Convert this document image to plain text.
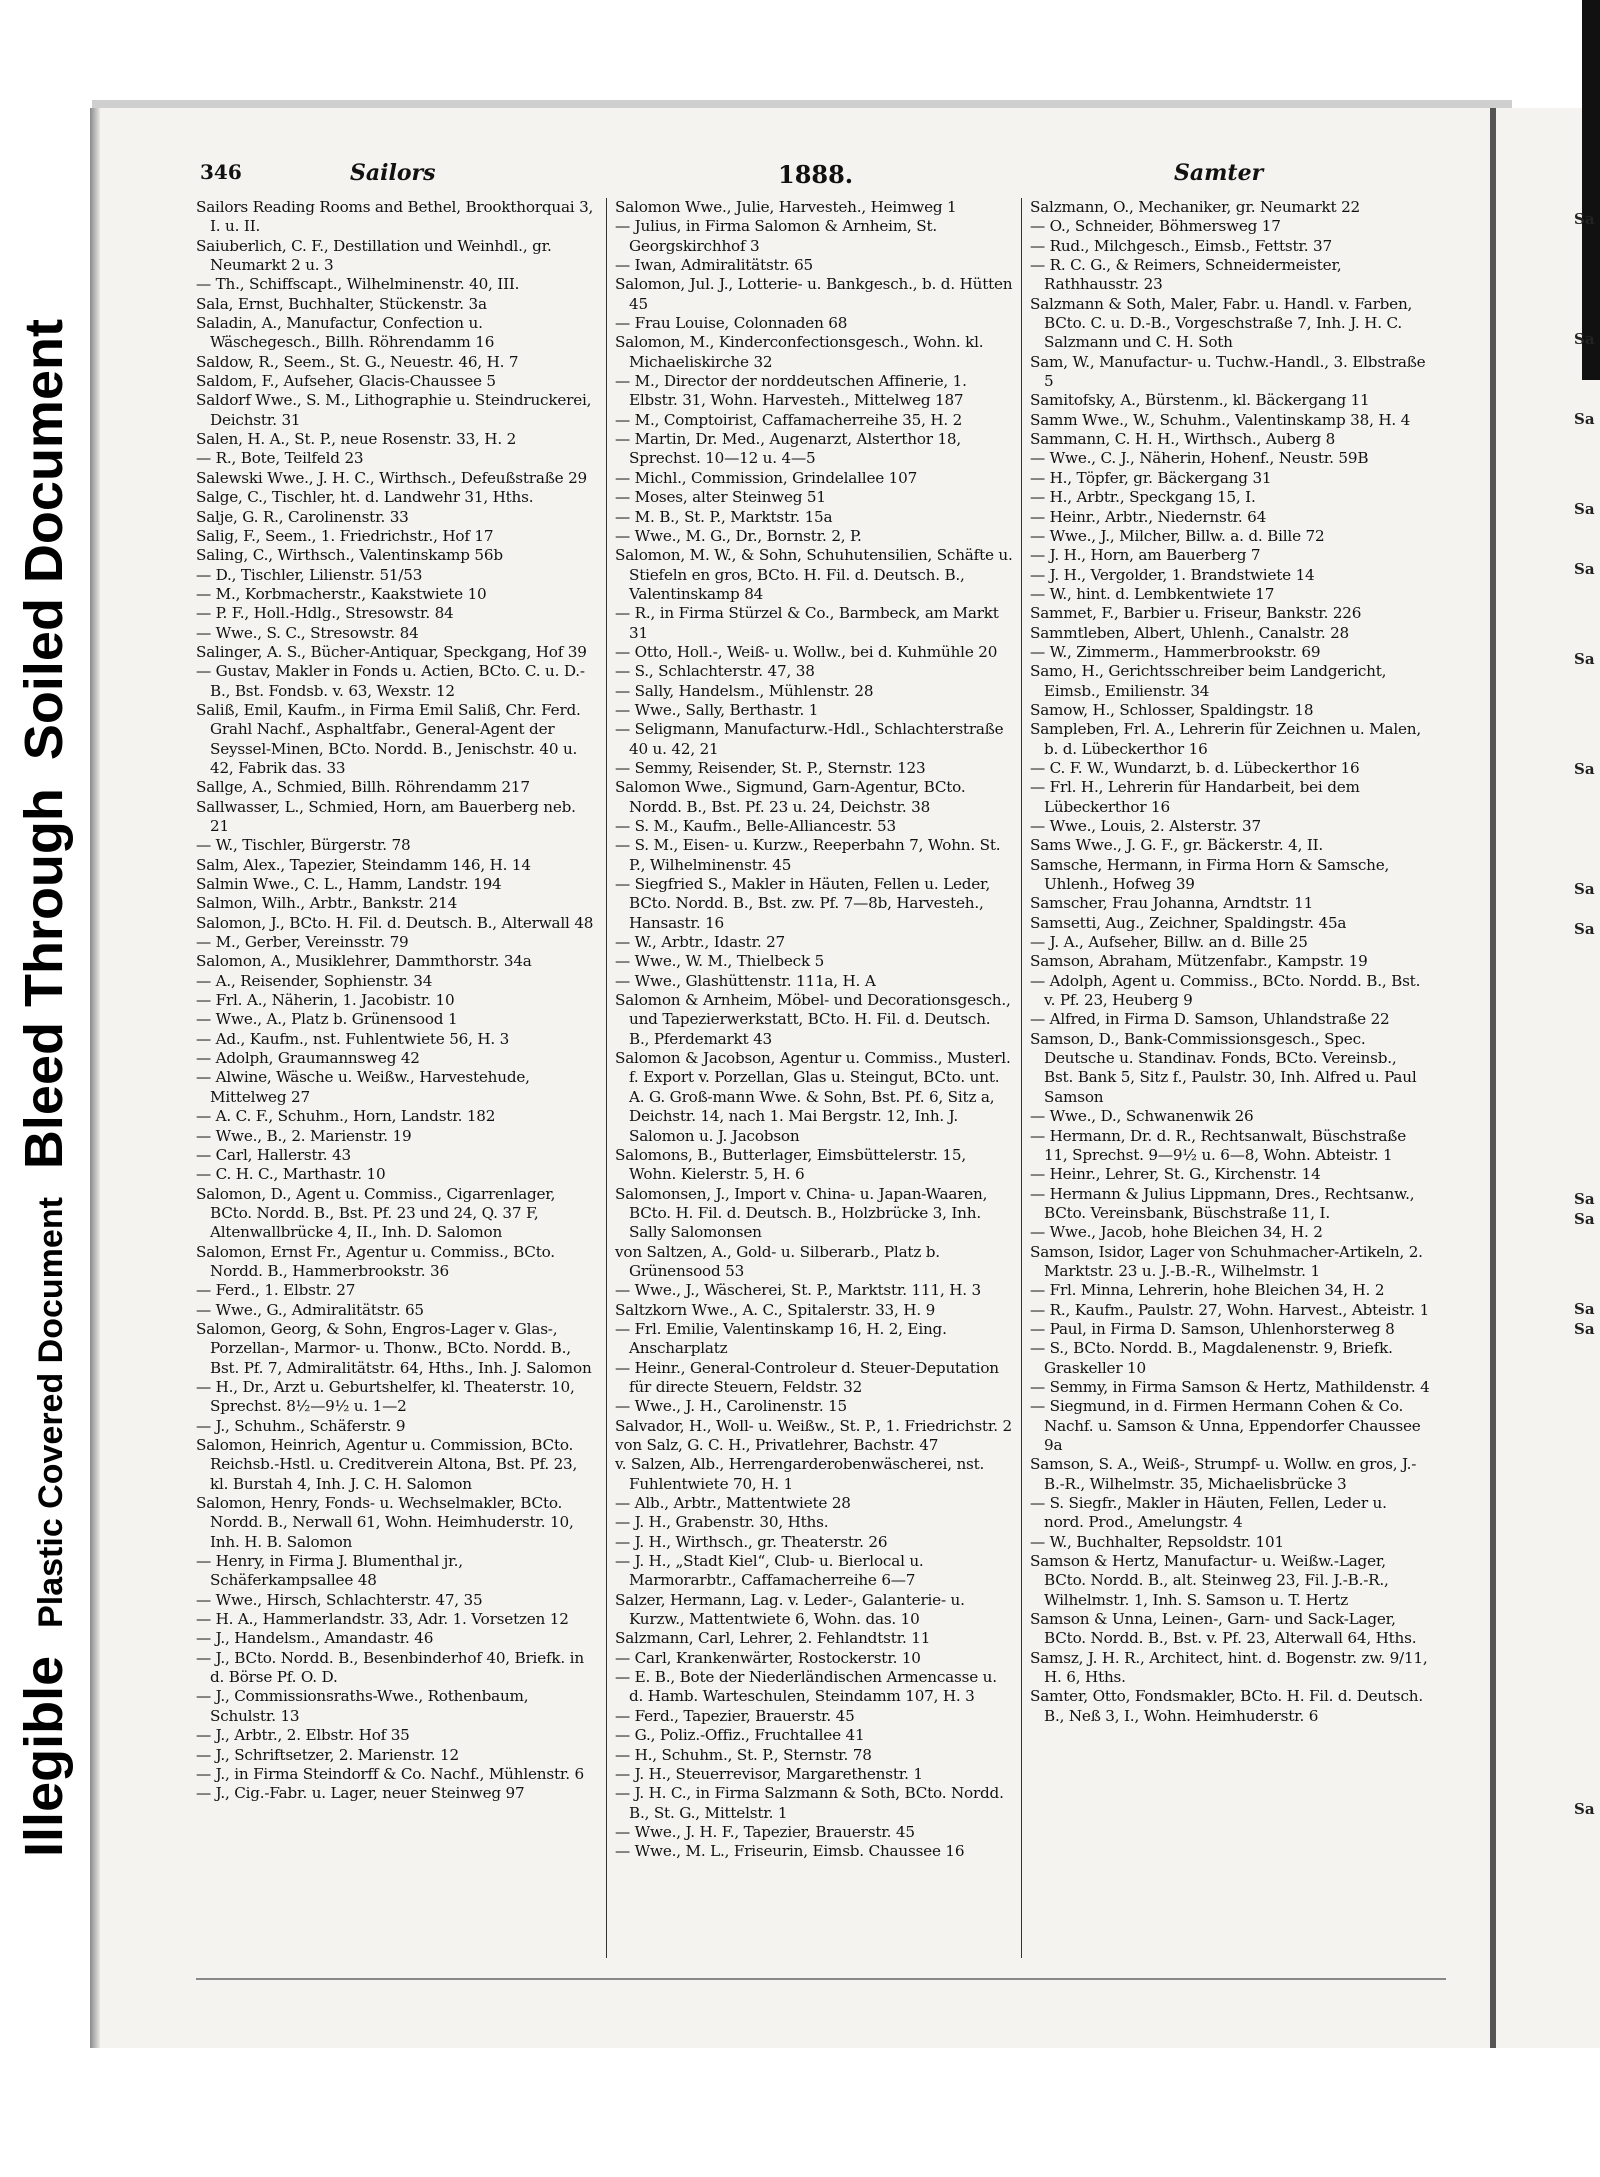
Illegible
Plastic Covered Document
Bleed Through
Soiled Document
Sa
Sa
Sa
Sa
Sa
Sa
Sa
Sa
Sa
Sa
Sa
Sa
Sa
Sa
346	Sailors	1888.	Samter

Sailors Reading Rooms and Bethel, Brookthorquai 3, I. u. II.

Saiuberlich, C. F., Destillation und Weinhdl., gr. Neumarkt 2 u. 3

— Th., Schiffscapt., Wilhelminenstr. 40, III.

Sala, Ernst, Buchhalter, Stückenstr. 3a

Saladin, A., Manufactur, Confection u. Wäschegesch., Billh. Röhrendamm 16

Saldow, R., Seem., St. G., Neuestr. 46, H. 7

Saldom, F., Aufseher, Glacis-Chaussee 5

Saldorf Wwe., S. M., Lithographie u. Steindruckerei, Deichstr. 31

Salen, H. A., St. P., neue Rosenstr. 33, H. 2

— R., Bote, Teilfeld 23

Salewski Wwe., J. H. C., Wirthsch., Defeußstraße 29

Salge, C., Tischler, ht. d. Landwehr 31, Hths.

Salje, G. R., Carolinenstr. 33

Salig, F., Seem., 1. Friedrichstr., Hof 17

Saling, C., Wirthsch., Valentinskamp 56b

— D., Tischler, Lilienstr. 51/53

— M., Korbmacherstr., Kaakstwiete 10

— P. F., Holl.-Hdlg., Stresowstr. 84

— Wwe., S. C., Stresowstr. 84

Salinger, A. S., Bücher-Antiquar, Speckgang, Hof 39

— Gustav, Makler in Fonds u. Actien, BCto. C. u. D.-B., Bst. Fondsb. v. 63, Wexstr. 12

Saliß, Emil, Kaufm., in Firma Emil Saliß, Chr. Ferd. Grahl Nachf., Asphaltfabr., General-Agent der Seyssel-Minen, BCto. Nordd. B., Jenischstr. 40 u. 42, Fabrik das. 33

Sallge, A., Schmied, Billh. Röhrendamm 217

Sallwasser, L., Schmied, Horn, am Bauerberg neb. 21

— W., Tischler, Bürgerstr. 78

Salm, Alex., Tapezier, Steindamm 146, H. 14

Salmin Wwe., C. L., Hamm, Landstr. 194

Salmon, Wilh., Arbtr., Bankstr. 214

Salomon, J., BCto. H. Fil. d. Deutsch. B., Alterwall 48

— M., Gerber, Vereinsstr. 79

Salomon, A., Musiklehrer, Dammthorstr. 34a

— A., Reisender, Sophienstr. 34

— Frl. A., Näherin, 1. Jacobistr. 10

— Wwe., A., Platz b. Grünensood 1

— Ad., Kaufm., nst. Fuhlentwiete 56, H. 3

— Adolph, Graumannsweg 42

— Alwine, Wäsche u. Weißw., Harvestehude, Mittelweg 27

— A. C. F., Schuhm., Horn, Landstr. 182

— Wwe., B., 2. Marienstr. 19

— Carl, Hallerstr. 43

— C. H. C., Marthastr. 10

Salomon, D., Agent u. Commiss., Cigarrenlager, BCto. Nordd. B., Bst. Pf. 23 und 24, Q. 37 F, Altenwallbrücke 4, II., Inh. D. Salomon

Salomon, Ernst Fr., Agentur u. Commiss., BCto. Nordd. B., Hammerbrookstr. 36

— Ferd., 1. Elbstr. 27

— Wwe., G., Admiralitätstr. 65

Salomon, Georg, & Sohn, Engros-Lager v. Glas-, Porzellan-, Marmor- u. Thonw., BCto. Nordd. B., Bst. Pf. 7, Admiralitätstr. 64, Hths., Inh. J. Salomon

— H., Dr., Arzt u. Geburtshelfer, kl. Theaterstr. 10, Sprechst. 8½—9½ u. 1—2

— J., Schuhm., Schäferstr. 9

Salomon, Heinrich, Agentur u. Commission, BCto. Reichsb.-Hstl. u. Creditverein Altona, Bst. Pf. 23, kl. Burstah 4, Inh. J. C. H. Salomon

Salomon, Henry, Fonds- u. Wechselmakler, BCto. Nordd. B., Nerwall 61, Wohn. Heimhuderstr. 10, Inh. H. B. Salomon

— Henry, in Firma J. Blumenthal jr., Schäferkampsallee 48

— Wwe., Hirsch, Schlachterstr. 47, 35

— H. A., Hammerlandstr. 33, Adr. 1. Vorsetzen 12

— J., Handelsm., Amandastr. 46

— J., BCto. Nordd. B., Besenbinderhof 40, Briefk. in d. Börse Pf. O. D.

— J., Commissionsraths-Wwe., Rothenbaum, Schulstr. 13

— J., Arbtr., 2. Elbstr. Hof 35

— J., Schriftsetzer, 2. Marienstr. 12

— J., in Firma Steindorff & Co. Nachf., Mühlenstr. 6

— J., Cig.-Fabr. u. Lager, neuer Steinweg 97

Salomon Wwe., Julie, Harvesteh., Heimweg 1

— Julius, in Firma Salomon & Arnheim, St. Georgskirchhof 3

— Iwan, Admiralitätstr. 65

Salomon, Jul. J., Lotterie- u. Bankgesch., b. d. Hütten 45

— Frau Louise, Colonnaden 68

Salomon, M., Kinderconfectionsgesch., Wohn. kl. Michaeliskirche 32

— M., Director der norddeutschen Affinerie, 1. Elbstr. 31, Wohn. Harvesteh., Mittelweg 187

— M., Comptoirist, Caffamacherreihe 35, H. 2

— Martin, Dr. Med., Augenarzt, Alsterthor 18, Sprechst. 10—12 u. 4—5

— Michl., Commission, Grindelallee 107

— Moses, alter Steinweg 51

— M. B., St. P., Marktstr. 15a

— Wwe., M. G., Dr., Bornstr. 2, P.

Salomon, M. W., & Sohn, Schuhutensilien, Schäfte u. Stiefeln en gros, BCto. H. Fil. d. Deutsch. B., Valentinskamp 84

— R., in Firma Stürzel & Co., Barmbeck, am Markt 31

— Otto, Holl.-, Weiß- u. Wollw., bei d. Kuhmühle 20

— S., Schlachterstr. 47, 38

— Sally, Handelsm., Mühlenstr. 28

— Wwe., Sally, Berthastr. 1

— Seligmann, Manufacturw.-Hdl., Schlachterstraße 40 u. 42, 21

— Semmy, Reisender, St. P., Sternstr. 123

Salomon Wwe., Sigmund, Garn-Agentur, BCto. Nordd. B., Bst. Pf. 23 u. 24, Deichstr. 38

— S. M., Kaufm., Belle-Alliancestr. 53

— S. M., Eisen- u. Kurzw., Reeperbahn 7, Wohn. St. P., Wilhelminenstr. 45

— Siegfried S., Makler in Häuten, Fellen u. Leder, BCto. Nordd. B., Bst. zw. Pf. 7—8b, Harvesteh., Hansastr. 16

— W., Arbtr., Idastr. 27

— Wwe., W. M., Thielbeck 5

— Wwe., Glashüttenstr. 111a, H. A

Salomon & Arnheim, Möbel- und Decorationsgesch., und Tapezierwerkstatt, BCto. H. Fil. d. Deutsch. B., Pferdemarkt 43

Salomon & Jacobson, Agentur u. Commiss., Musterl. f. Export v. Porzellan, Glas u. Steingut, BCto. unt. A. G. Groß-mann Wwe. & Sohn, Bst. Pf. 6, Sitz a, Deichstr. 14, nach 1. Mai Bergstr. 12, Inh. J. Salomon u. J. Jacobson

Salomons, B., Butterlager, Eimsbüttelerstr. 15, Wohn. Kielerstr. 5, H. 6

Salomonsen, J., Import v. China- u. Japan-Waaren, BCto. H. Fil. d. Deutsch. B., Holzbrücke 3, Inh. Sally Salomonsen

von Saltzen, A., Gold- u. Silberarb., Platz b. Grünensood 53

— Wwe., J., Wäscherei, St. P., Marktstr. 111, H. 3

Saltzkorn Wwe., A. C., Spitalerstr. 33, H. 9

— Frl. Emilie, Valentinskamp 16, H. 2, Eing. Anscharplatz

— Heinr., General-Controleur d. Steuer-Deputation für directe Steuern, Feldstr. 32

— Wwe., J. H., Carolinenstr. 15

Salvador, H., Woll- u. Weißw., St. P., 1. Friedrichstr. 2

von Salz, G. C. H., Privatlehrer, Bachstr. 47

v. Salzen, Alb., Herrengarderobenwäscherei, nst. Fuhlentwiete 70, H. 1

— Alb., Arbtr., Mattentwiete 28

— J. H., Grabenstr. 30, Hths.

— J. H., Wirthsch., gr. Theaterstr. 26

— J. H., „Stadt Kiel“, Club- u. Bierlocal u. Marmorarbtr., Caffamacherreihe 6—7

Salzer, Hermann, Lag. v. Leder-, Galanterie- u. Kurzw., Mattentwiete 6, Wohn. das. 10

Salzmann, Carl, Lehrer, 2. Fehlandtstr. 11

— Carl, Krankenwärter, Rostockerstr. 10

— E. B., Bote der Niederländischen Armencasse u. d. Hamb. Warteschulen, Steindamm 107, H. 3

— Ferd., Tapezier, Brauerstr. 45

— G., Poliz.-Offiz., Fruchtallee 41

— H., Schuhm., St. P., Sternstr. 78

— J. H., Steuerrevisor, Margarethenstr. 1

— J. H. C., in Firma Salzmann & Soth, BCto. Nordd. B., St. G., Mittelstr. 1

— Wwe., J. H. F., Tapezier, Brauerstr. 45

— Wwe., M. L., Friseurin, Eimsb. Chaussee 16

Salzmann, O., Mechaniker, gr. Neumarkt 22

— O., Schneider, Böhmersweg 17

— Rud., Milchgesch., Eimsb., Fettstr. 37

— R. C. G., & Reimers, Schneidermeister, Rathhausstr. 23

Salzmann & Soth, Maler, Fabr. u. Handl. v. Farben, BCto. C. u. D.-B., Vorgeschstraße 7, Inh. J. H. C. Salzmann und C. H. Soth

Sam, W., Manufactur- u. Tuchw.-Handl., 3. Elbstraße 5

Samitofsky, A., Bürstenm., kl. Bäckergang 11

Samm Wwe., W., Schuhm., Valentinskamp 38, H. 4

Sammann, C. H. H., Wirthsch., Auberg 8

— Wwe., C. J., Näherin, Hohenf., Neustr. 59B

— H., Töpfer, gr. Bäckergang 31

— H., Arbtr., Speckgang 15, I.

— Heinr., Arbtr., Niedernstr. 64

— Wwe., J., Milcher, Billw. a. d. Bille 72

— J. H., Horn, am Bauerberg 7

— J. H., Vergolder, 1. Brandstwiete 14

— W., hint. d. Lembkentwiete 17

Sammet, F., Barbier u. Friseur, Bankstr. 226

Sammtleben, Albert, Uhlenh., Canalstr. 28

— W., Zimmerm., Hammerbrookstr. 69

Samo, H., Gerichtsschreiber beim Landgericht, Eimsb., Emilienstr. 34

Samow, H., Schlosser, Spaldingstr. 18

Sampleben, Frl. A., Lehrerin für Zeichnen u. Malen, b. d. Lübeckerthor 16

— C. F. W., Wundarzt, b. d. Lübeckerthor 16

— Frl. H., Lehrerin für Handarbeit, bei dem Lübeckerthor 16

— Wwe., Louis, 2. Alsterstr. 37

Sams Wwe., J. G. F., gr. Bäckerstr. 4, II.

Samsche, Hermann, in Firma Horn & Samsche, Uhlenh., Hofweg 39

Samscher, Frau Johanna, Arndtstr. 11

Samsetti, Aug., Zeichner, Spaldingstr. 45a

— J. A., Aufseher, Billw. an d. Bille 25

Samson, Abraham, Mützenfabr., Kampstr. 19

— Adolph, Agent u. Commiss., BCto. Nordd. B., Bst. v. Pf. 23, Heuberg 9

— Alfred, in Firma D. Samson, Uhlandstraße 22

Samson, D., Bank-Commissionsgesch., Spec. Deutsche u. Standinav. Fonds, BCto. Vereinsb., Bst. Bank 5, Sitz f., Paulstr. 30, Inh. Alfred u. Paul Samson

— Wwe., D., Schwanenwik 26

— Hermann, Dr. d. R., Rechtsanwalt, Büschstraße 11, Sprechst. 9—9½ u. 6—8, Wohn. Abteistr. 1

— Heinr., Lehrer, St. G., Kirchenstr. 14

— Hermann & Julius Lippmann, Dres., Rechtsanw., BCto. Vereinsbank, Büschstraße 11, I.

— Wwe., Jacob, hohe Bleichen 34, H. 2

Samson, Isidor, Lager von Schuhmacher-Artikeln, 2. Marktstr. 23 u. J.-B.-R., Wilhelmstr. 1

— Frl. Minna, Lehrerin, hohe Bleichen 34, H. 2

— R., Kaufm., Paulstr. 27, Wohn. Harvest., Abteistr. 1

— Paul, in Firma D. Samson, Uhlenhorsterweg 8

— S., BCto. Nordd. B., Magdalenenstr. 9, Briefk. Graskeller 10

— Semmy, in Firma Samson & Hertz, Mathildenstr. 4

— Siegmund, in d. Firmen Hermann Cohen & Co. Nachf. u. Samson & Unna, Eppendorfer Chaussee 9a

Samson, S. A., Weiß-, Strumpf- u. Wollw. en gros, J.-B.-R., Wilhelmstr. 35, Michaelisbrücke 3

— S. Siegfr., Makler in Häuten, Fellen, Leder u. nord. Prod., Amelungstr. 4

— W., Buchhalter, Repsoldstr. 101

Samson & Hertz, Manufactur- u. Weißw.-Lager, BCto. Nordd. B., alt. Steinweg 23, Fil. J.-B.-R., Wilhelmstr. 1, Inh. S. Samson u. T. Hertz

Samson & Unna, Leinen-, Garn- und Sack-Lager, BCto. Nordd. B., Bst. v. Pf. 23, Alterwall 64, Hths.

Samsz, J. H. R., Architect, hint. d. Bogenstr. zw. 9/11, H. 6, Hths.

Samter, Otto, Fondsmakler, BCto. H. Fil. d. Deutsch. B., Neß 3, I., Wohn. Heimhuderstr. 6
